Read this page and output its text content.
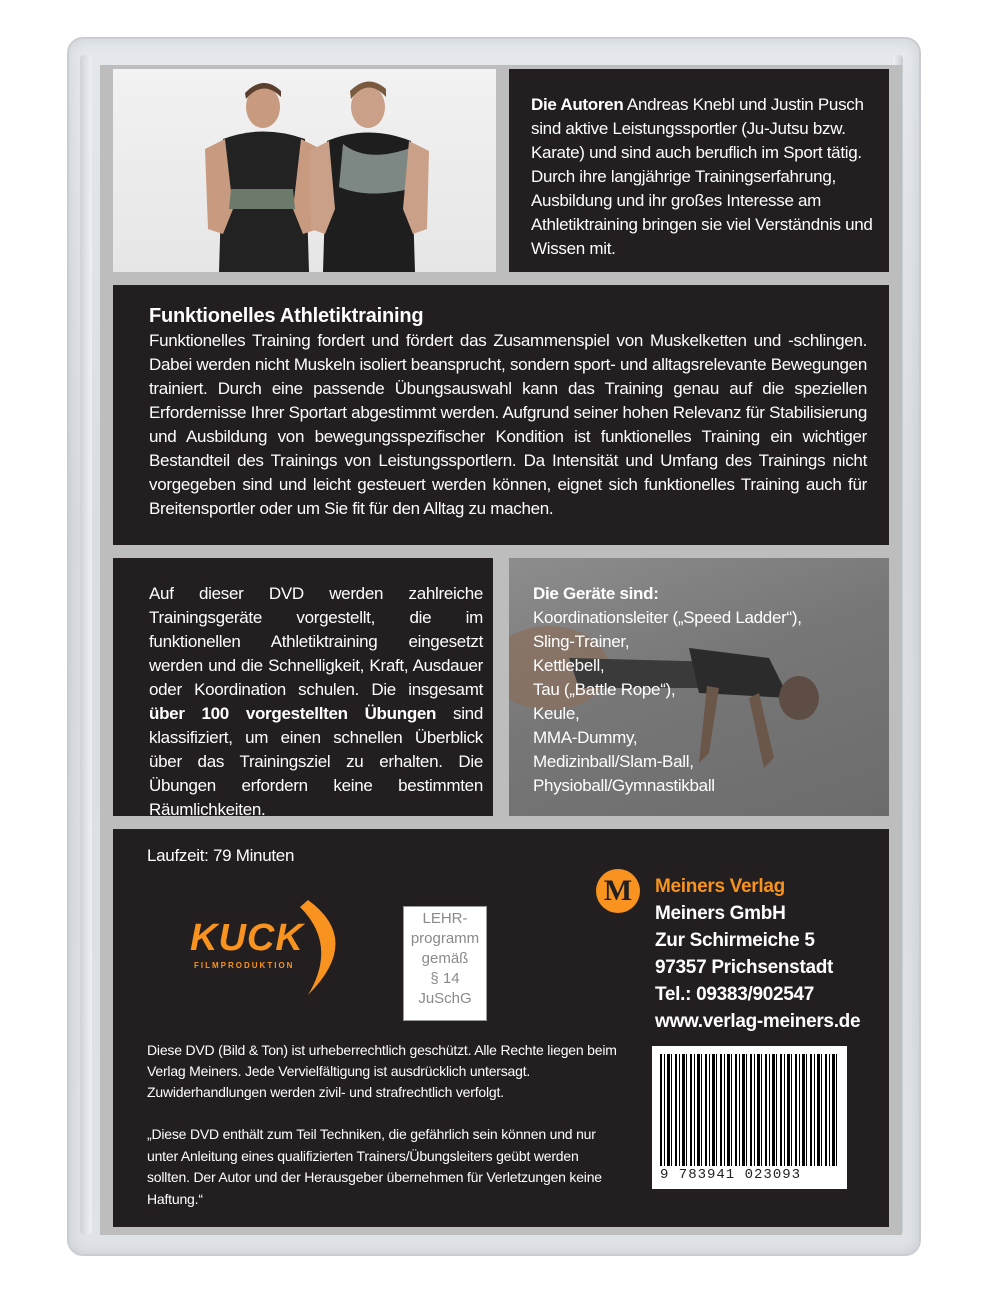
Die Autoren Andreas Knebl und Justin Pusch sind aktive Leistungssportler (Ju-Jutsu bzw. Karate) und sind auch beruflich im Sport tätig. Durch ihre langjährige Trainingserfahrung, Ausbildung und ihr großes Interesse am Athletiktraining bringen sie viel Verständnis und Wissen mit.
Funktionelles Athletiktraining
Funktionelles Training fordert und fördert das Zusammenspiel von Muskelketten und -schlingen. Dabei werden nicht Muskeln isoliert beansprucht, sondern sport- und alltagsrelevante Bewegungen trainiert. Durch eine passende Übungsauswahl kann das Training genau auf die speziellen Erfordernisse Ihrer Sportart abgestimmt werden. Aufgrund seiner hohen Relevanz für Stabilisierung und Ausbildung von bewegungsspezifischer Kondition ist funktionelles Training ein wichtiger Bestandteil des Trainings von Leistungssportlern. Da Intensität und Umfang des Trainings nicht vorgegeben sind und leicht gesteuert werden können, eignet sich funktionelles Training auch für Breitensportler oder um Sie fit für den Alltag zu machen.
Auf dieser DVD werden zahlreiche Trainingsgeräte vorgestellt, die im funktionellen Athletiktraining eingesetzt werden und die Schnelligkeit, Kraft, Ausdauer oder Koordination schulen. Die insgesamt über 100 vorgestellten Übungen sind klassifiziert, um einen schnellen Überblick über das Trainingsziel zu erhalten. Die Übungen erfordern keine bestimmten Räumlichkeiten.
Die Geräte sind:
Koordinationsleiter („Speed Ladder“),
Sling-Trainer,
Kettlebell,
Tau („Battle Rope“),
Keule,
MMA-Dummy,
Medizinball/Slam-Ball,
Physioball/Gymnastikball
Laufzeit: 79 Minuten
KUCK
FILMPRODUKTION
LEHR-
programm
gemäß
§ 14
JuSchG
Diese DVD (Bild & Ton) ist urheberrechtlich geschützt. Alle Rechte liegen beim Verlag Meiners. Jede Vervielfältigung ist ausdrücklich untersagt. Zuwiderhandlungen werden zivil- und strafrechtlich verfolgt.
„Diese DVD enthält zum Teil Techniken, die gefährlich sein können und nur unter Anleitung eines qualifizierten Trainers/Übungsleiters geübt werden sollten. Der Autor und der Herausgeber übernehmen für Verletzungen keine Haftung.“
M	Meiners Verlag
Meiners GmbH
Zur Schirmeiche 5
97357 Prichsenstadt
Tel.: 09383/902547
www.verlag-meiners.de
9 783941 023093
